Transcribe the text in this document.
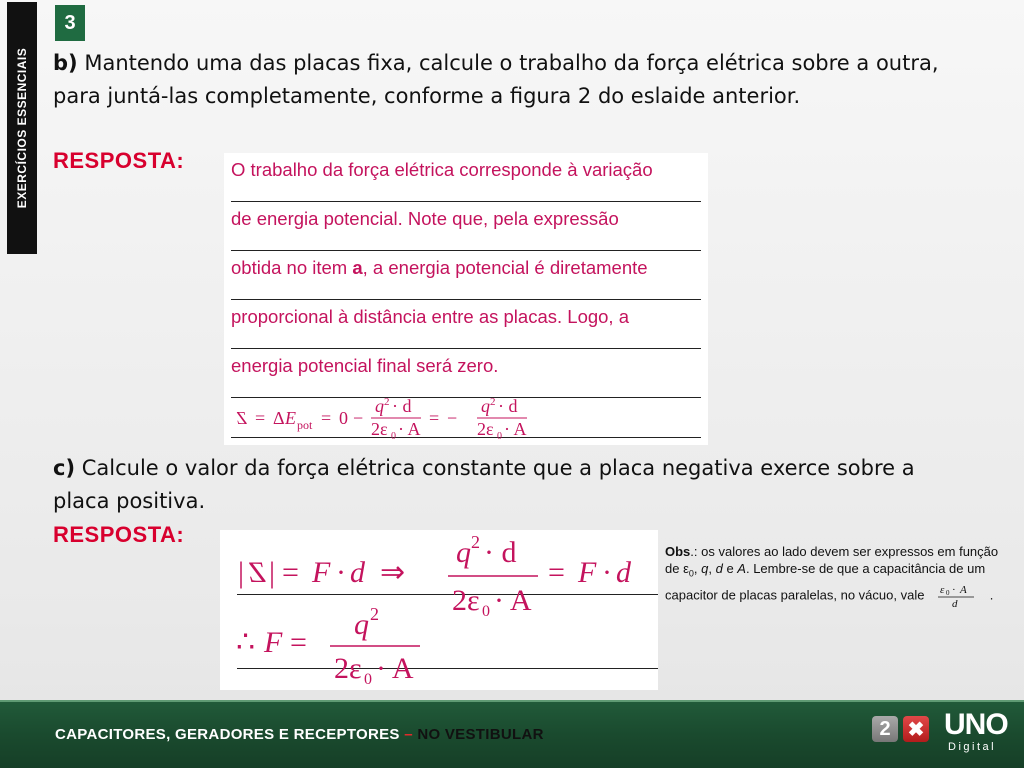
EXERCÍCIOS ESSENCIAIS
3
b) Mantendo uma das placas fixa, calcule o trabalho da força elétrica sobre a outra, para juntá-las completamente, conforme a figura 2 do eslaide anterior.
RESPOSTA:	O trabalho da força elétrica corresponde à variação
de energia potencial. Note que, pela expressão
obtida no item a, a energia potencial é diretamente
proporcional à distância entre as placas. Logo, a
energia potencial final será zero.
Z = Δ E pot = 0 −
q 2 · d
2ε 0 · A
= −
q 2 · d
2ε 0 · A
c) Calcule o valor da força elétrica constante que a placa negativa exerce sobre a placa positiva.
RESPOSTA:
| Z | = F · d ⇒
q 2 · d
2ε 0 · A
= F · d
∴ F =
q 2
2ε 0 · A
Obs.: os valores ao lado devem ser expressos em função de $\varepsilon_0$, q, d e A. Lembre-se de que a capacitância de um capacitor de placas paralelas, no vácuo, vale ε 0 · A
d
.
CAPACITORES, GERADORES E RECEPTORES – NO VESTIBULAR	2 ✖ UNO
Digital
